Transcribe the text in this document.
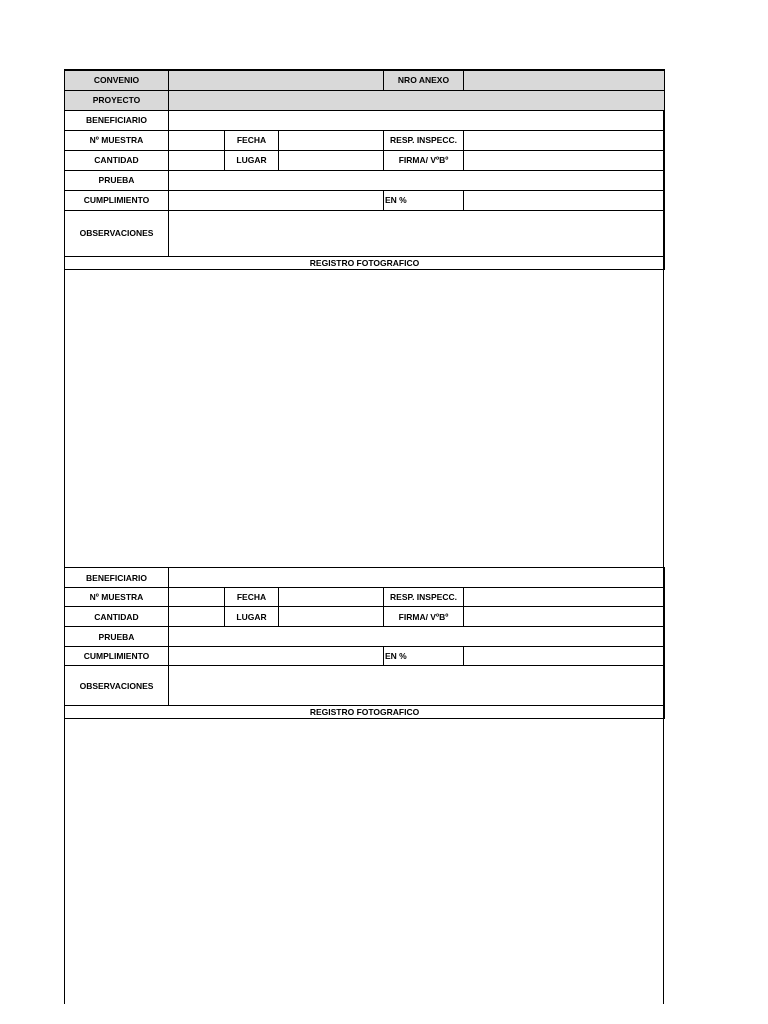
CONVENIO				NRO ANEXO	
PROYECTO					
BENEFICIARIO					
Nº MUESTRA		FECHA		RESP. INSPECC.	
CANTIDAD		LUGAR		FIRMA/ VºBº	
PRUEBA					
CUMPLIMIENTO				EN %	
OBSERVACIONES					
REGISTRO FOTOGRAFICO					
BENEFICIARIO					
Nº MUESTRA		FECHA		RESP. INSPECC.	
CANTIDAD		LUGAR		FIRMA/ VºBº	
PRUEBA					
CUMPLIMIENTO				EN %	
OBSERVACIONES					
REGISTRO FOTOGRAFICO					
